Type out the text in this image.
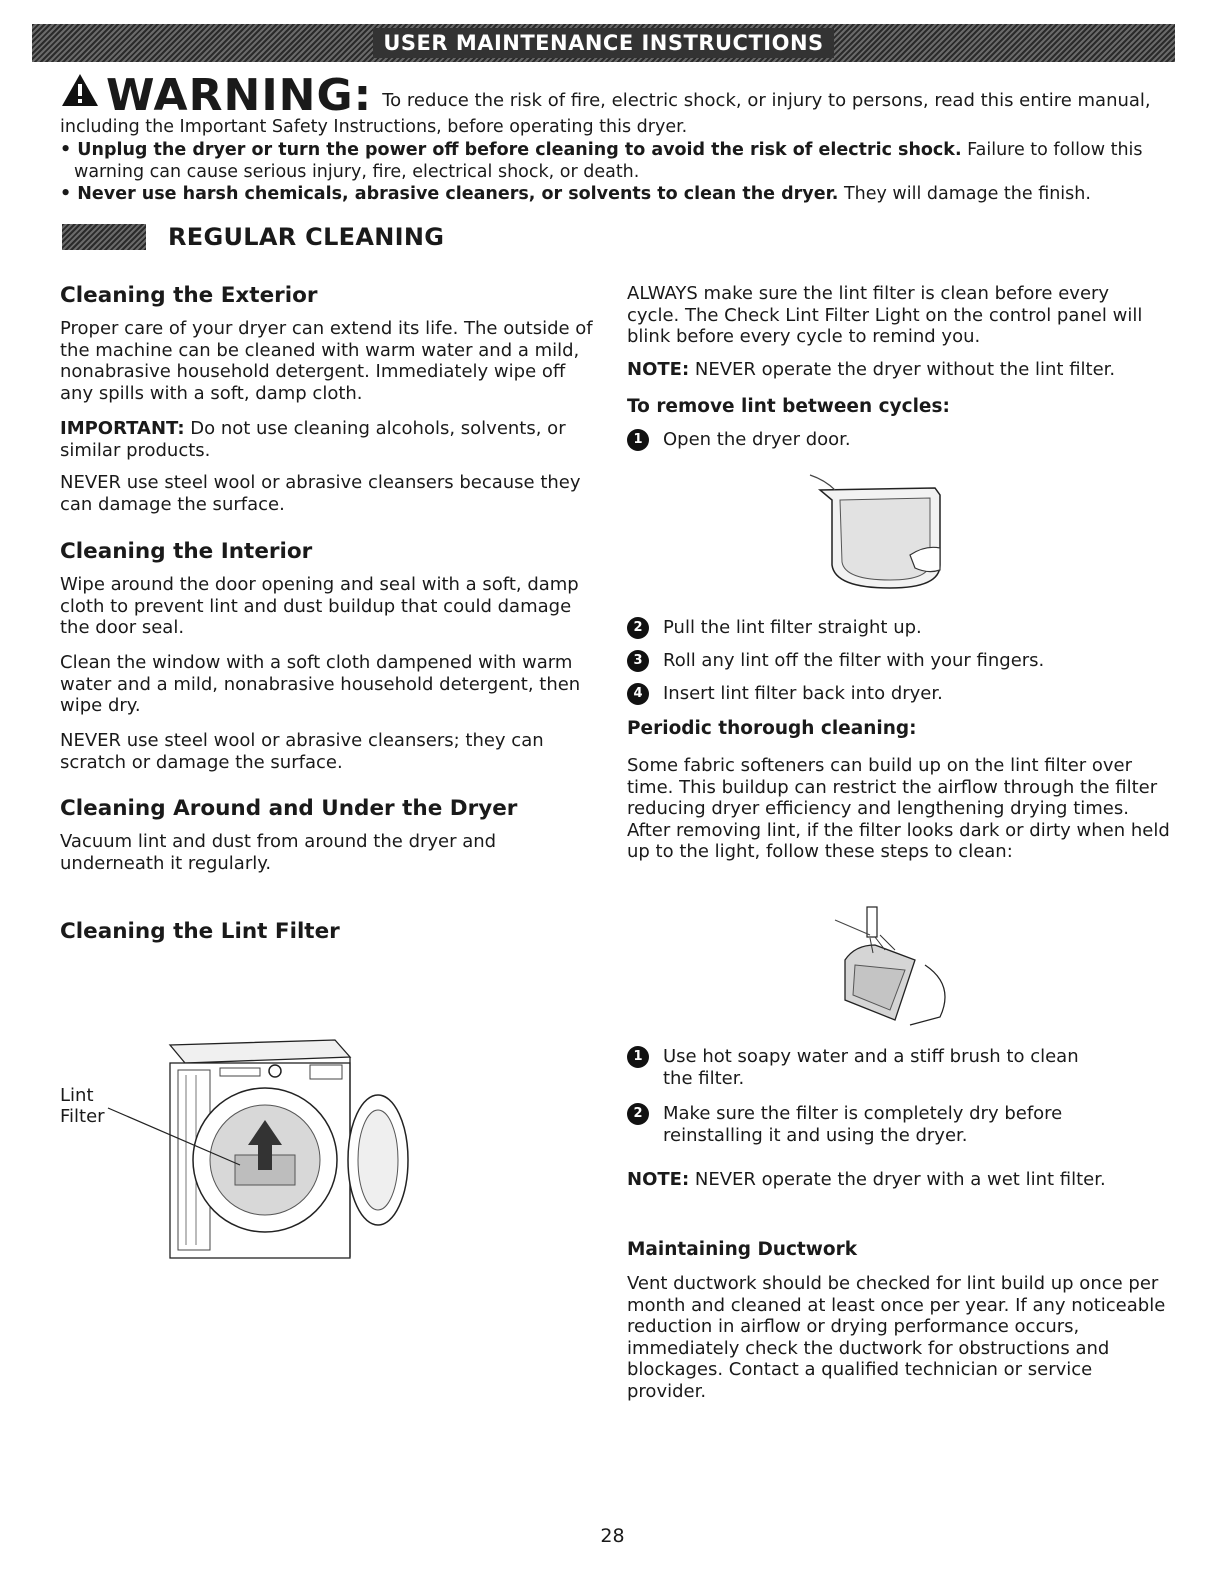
USER MAINTENANCE INSTRUCTIONS
WARNING: To reduce the risk of fire, electric shock, or injury to persons, read this entire manual,
including the Important Safety Instructions, before operating this dryer.
• Unplug the dryer or turn the power off before cleaning to avoid the risk of electric shock. Failure to follow this
warning can cause serious injury, fire, electrical shock, or death.
• Never use harsh chemicals, abrasive cleaners, or solvents to clean the dryer. They will damage the finish.
REGULAR CLEANING
Cleaning the Exterior

Proper care of your dryer can extend its life. The outside of the machine can be cleaned with warm water and a mild, nonabrasive household detergent. Immediately wipe off any spills with a soft, damp cloth.

IMPORTANT: Do not use cleaning alcohols, solvents, or similar products.

NEVER use steel wool or abrasive cleansers because they can damage the surface.

Cleaning the Interior

Wipe around the door opening and seal with a soft, damp cloth to prevent lint and dust buildup that could damage the door seal.

Clean the window with a soft cloth dampened with warm water and a mild, nonabrasive household detergent, then wipe dry.

NEVER use steel wool or abrasive cleansers; they can scratch or damage the surface.

Cleaning Around and Under the Dryer

Vacuum lint and dust from around the dryer and underneath it regularly.

Cleaning the Lint Filter
Lint
Filter

ALWAYS make sure the lint filter is clean before every cycle. The Check Lint Filter Light on the control panel will blink before every cycle to remind you.

NOTE: NEVER operate the dryer without the lint filter.

To remove lint between cycles:
1	Open the dryer door.
2	Pull the lint filter straight up.
3	Roll any lint off the filter with your fingers.
4	Insert lint filter back into dryer.
Periodic thorough cleaning:

Some fabric softeners can build up on the lint filter over time. This buildup can restrict the airflow through the filter reducing dryer efficiency and lengthening drying times. After removing lint, if the filter looks dark or dirty when held up to the light, follow these steps to clean:

1	Use hot soapy water and a stiff brush to clean the filter.
2	Make sure the filter is completely dry before reinstalling it and using the dryer.

NOTE: NEVER operate the dryer with a wet lint filter.

Maintaining Ductwork

Vent ductwork should be checked for lint build up once per month and cleaned at least once per year. If any noticeable reduction in airflow or drying performance occurs, immediately check the ductwork for obstructions and blockages. Contact a qualified technician or service provider.

28
